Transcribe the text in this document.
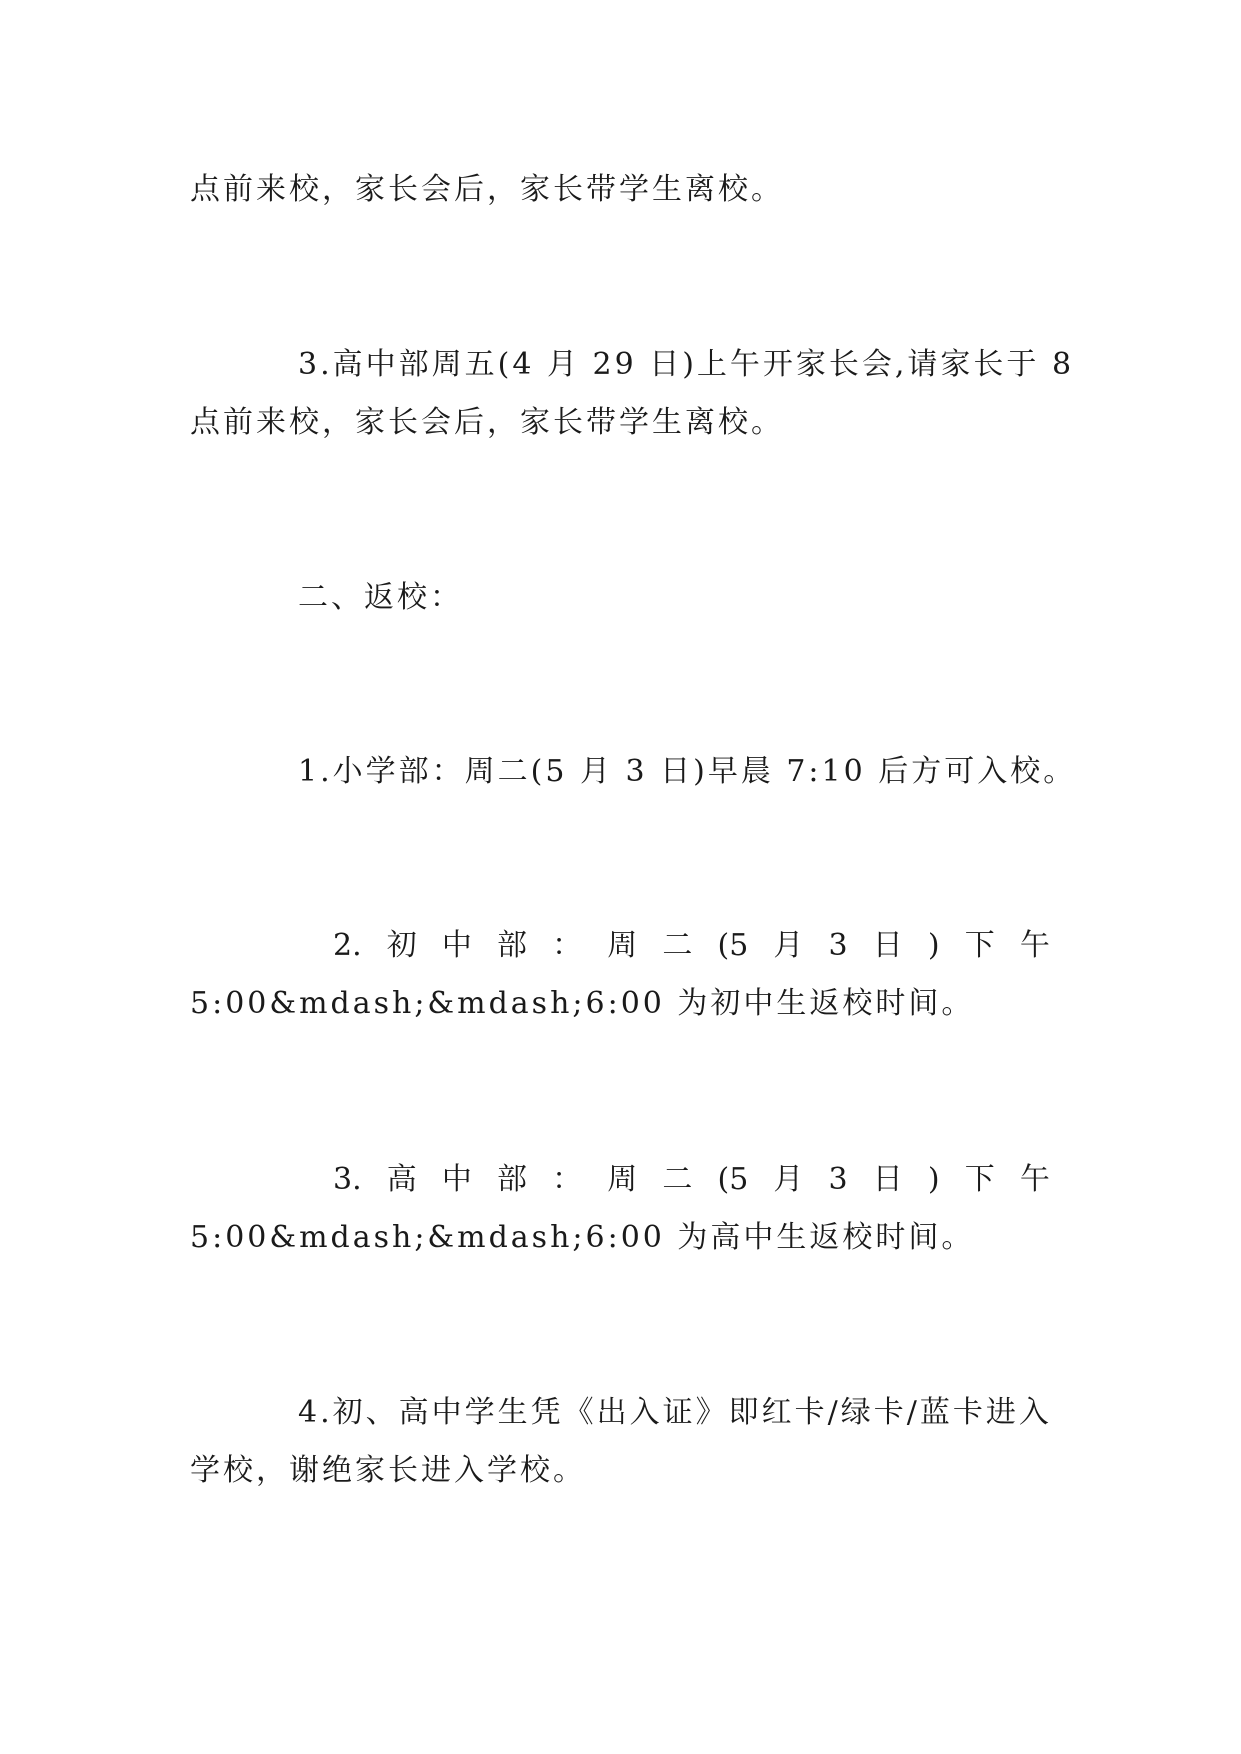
点前来校，家长会后，家长带学生离校。
3.高中部周五(4 月 29 日)上午开家长会,请家长于 8
点前来校，家长会后，家长带学生离校。
二、返校：
1.小学部：周二(5 月 3 日)早晨 7:10 后方可入校。
2. 初 中 部 ： 周 二 (5 月 3 日 ) 下 午
5:00&mdash;&mdash;6:00 为初中生返校时间。
3. 高 中 部 ： 周 二 (5 月 3 日 ) 下 午
5:00&mdash;&mdash;6:00 为高中生返校时间。
4.初、高中学生凭《出入证》即红卡/绿卡/蓝卡进入
学校，谢绝家长进入学校。
